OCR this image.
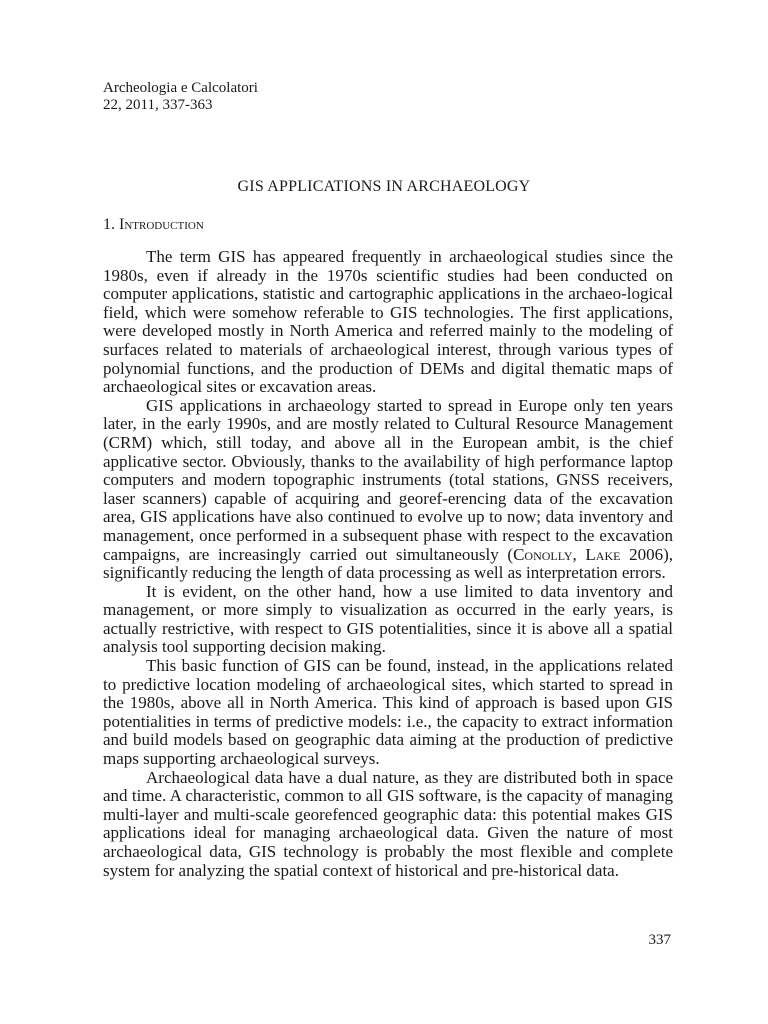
Archeologia e Calcolatori
22, 2011, 337-363
GIS APPLICATIONS IN ARCHAEOLOGY
1. Introduction

The term GIS has appeared frequently in archaeological studies since the 1980s, even if already in the 1970s scientific studies had been conducted on computer applications, statistic and cartographic applications in the archaeo-logical field, which were somehow referable to GIS technologies. The first applications, were developed mostly in North America and referred mainly to the modeling of surfaces related to materials of archaeological interest, through various types of polynomial functions, and the production of DEMs and digital thematic maps of archaeological sites or excavation areas.

GIS applications in archaeology started to spread in Europe only ten years later, in the early 1990s, and are mostly related to Cultural Resource Management (CRM) which, still today, and above all in the European ambit, is the chief applicative sector. Obviously, thanks to the availability of high performance laptop computers and modern topographic instruments (total stations, GNSS receivers, laser scanners) capable of acquiring and georef-erencing data of the excavation area, GIS applications have also continued to evolve up to now; data inventory and management, once performed in a subsequent phase with respect to the excavation campaigns, are increasingly carried out simultaneously (Conolly, Lake 2006), significantly reducing the length of data processing as well as interpretation errors.

It is evident, on the other hand, how a use limited to data inventory and management, or more simply to visualization as occurred in the early years, is actually restrictive, with respect to GIS potentialities, since it is above all a spatial analysis tool supporting decision making.

This basic function of GIS can be found, instead, in the applications related to predictive location modeling of archaeological sites, which started to spread in the 1980s, above all in North America. This kind of approach is based upon GIS potentialities in terms of predictive models: i.e., the capacity to extract information and build models based on geographic data aiming at the production of predictive maps supporting archaeological surveys.

Archaeological data have a dual nature, as they are distributed both in space and time. A characteristic, common to all GIS software, is the capacity of managing multi-layer and multi-scale georefenced geographic data: this potential makes GIS applications ideal for managing archaeological data. Given the nature of most archaeological data, GIS technology is probably the most flexible and complete system for analyzing the spatial context of historical and pre-historical data.

337
